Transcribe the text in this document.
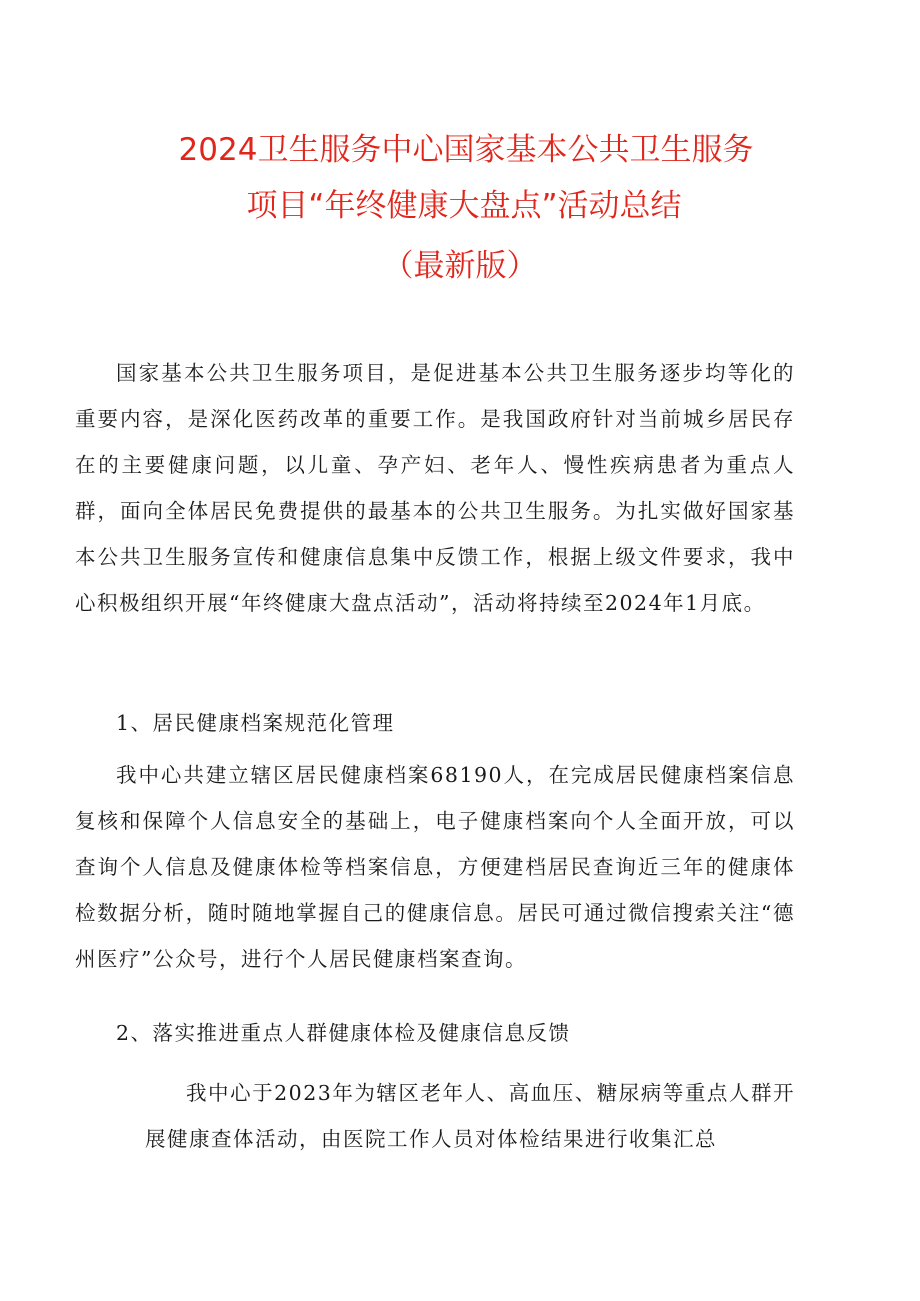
2024卫生服务中心国家基本公共卫生服务
项目“年终健康大盘点”活动总结
（最新版）

国家基本公共卫生服务项目，是促进基本公共卫生服务逐步均等化的重要内容，是深化医药改革的重要工作。是我国政府针对当前城乡居民存在的主要健康问题，以儿童、孕产妇、老年人、慢性疾病患者为重点人群，面向全体居民免费提供的最基本的公共卫生服务。为扎实做好国家基本公共卫生服务宣传和健康信息集中反馈工作，根据上级文件要求，我中心积极组织开展“年终健康大盘点活动”，活动将持续至2024年1月底。

1、居民健康档案规范化管理

我中心共建立辖区居民健康档案68190人，在完成居民健康档案信息复核和保障个人信息安全的基础上，电子健康档案向个人全面开放，可以查询个人信息及健康体检等档案信息，方便建档居民查询近三年的健康体检数据分析，随时随地掌握自己的健康信息。居民可通过微信搜索关注“德州医疗”公众号，进行个人居民健康档案查询。

2、落实推进重点人群健康体检及健康信息反馈

我中心于2023年为辖区老年人、高血压、糖尿病等重点人群开展健康查体活动，由医院工作人员对体检结果进行收集汇总
